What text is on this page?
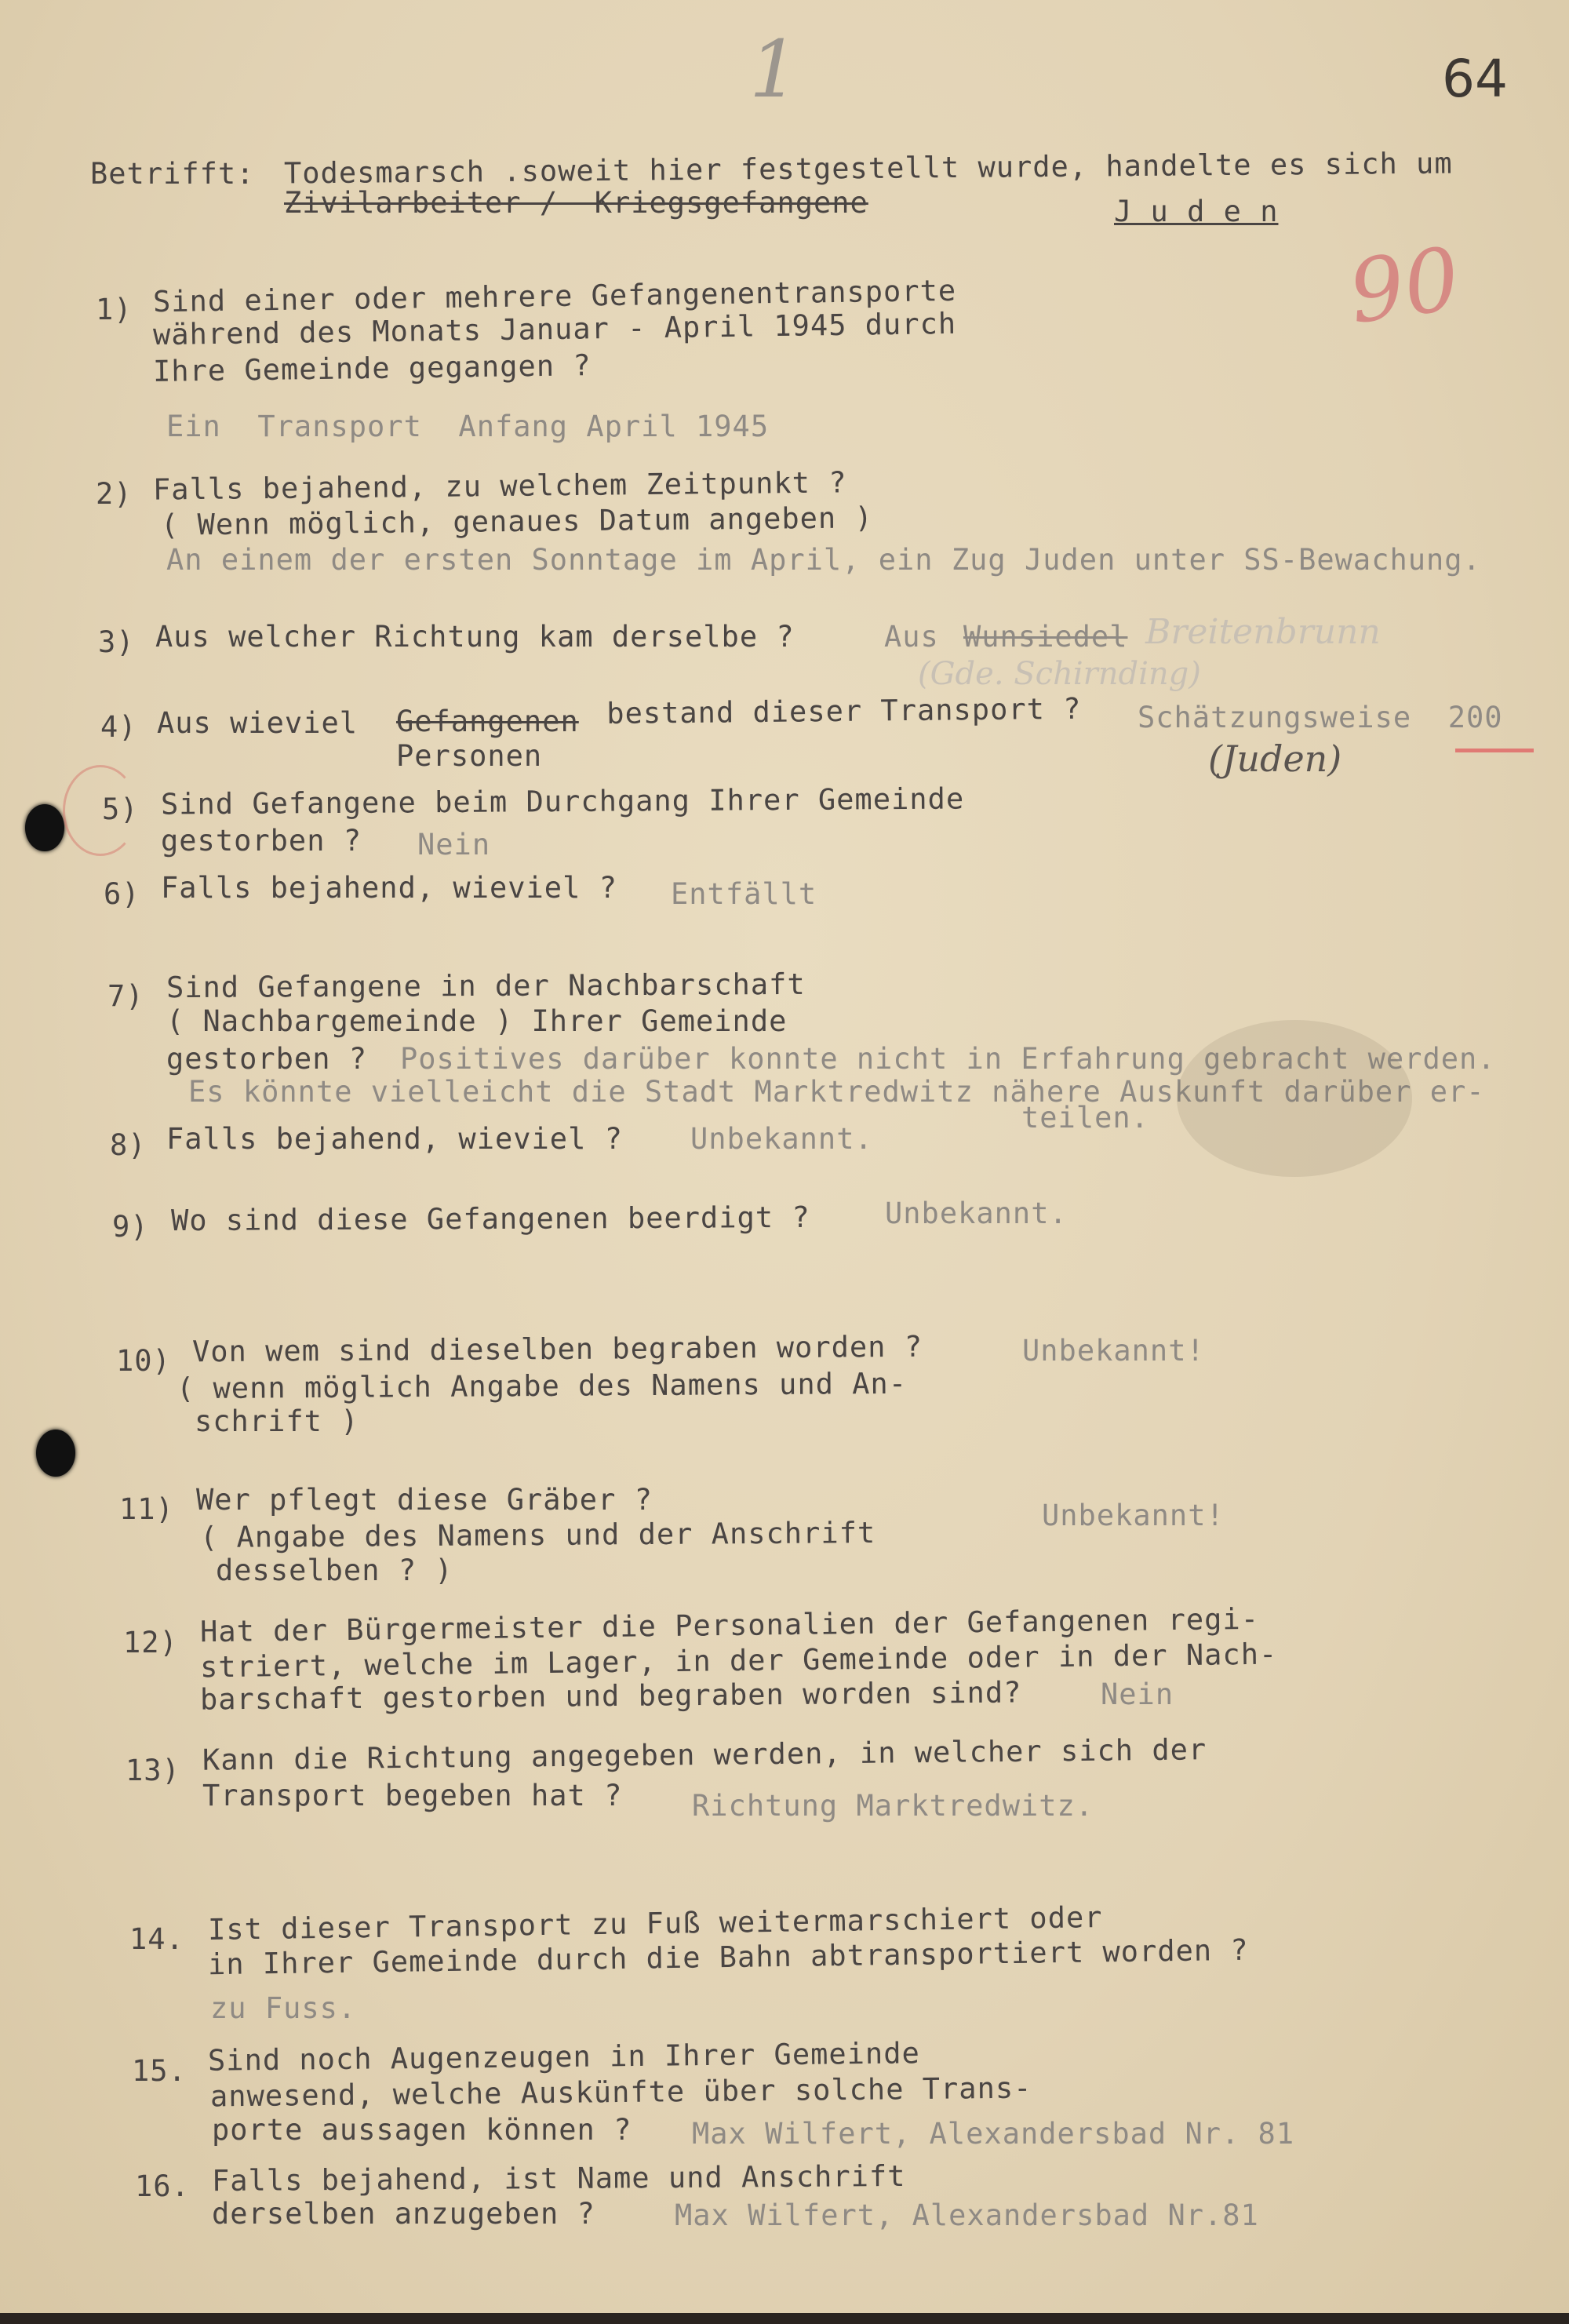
1	64
90
Betrifft: Todesmarsch .soweit hier festgestellt wurde, handelte es sich um
Zivilarbeiter /  Kriegsgefangene	J u d e n
1) Sind einer oder mehrere Gefangenentransporte
während des Monats Januar - April 1945 durch
Ihre Gemeinde gegangen ?
Ein  Transport  Anfang April 1945
2) Falls bejahend, zu welchem Zeitpunkt ?
( Wenn möglich, genaues Datum angeben )
An einem der ersten Sonntage im April, ein Zug Juden unter SS-Bewachung.
3) Aus welcher Richtung kam derselbe ?	Aus Wunsiedel Breitenbrunn
(Gde. Schirnding)
4) Aus wieviel Gefangenen bestand dieser Transport ?
Personen
Schätzungsweise  200
(Juden)
5) Sind Gefangene beim Durchgang Ihrer Gemeinde
gestorben ? Nein
6) Falls bejahend, wieviel ? Entfällt
7) Sind Gefangene in der Nachbarschaft
( Nachbargemeinde ) Ihrer Gemeinde
gestorben ? Positives darüber konnte nicht in Erfahrung gebracht werden.
Es könnte vielleicht die Stadt Marktredwitz nähere Auskunft darüber er-
teilen.
8) Falls bejahend, wieviel ? Unbekannt.
9) Wo sind diese Gefangenen beerdigt ?	Unbekannt.
10) Von wem sind dieselben begraben worden ?
( wenn möglich Angabe des Namens und An-
schrift )
Unbekannt!
11) Wer pflegt diese Gräber ?
( Angabe des Namens und der Anschrift
desselben ? )
Unbekannt!
12) Hat der Bürgermeister die Personalien der Gefangenen regi-
striert, welche im Lager, in der Gemeinde oder in der Nach-
barschaft gestorben und begraben worden sind?	Nein
13) Kann die Richtung angegeben werden, in welcher sich der
Transport begeben hat ? Richtung Marktredwitz.
14. Ist dieser Transport zu Fuß weitermarschiert oder
in Ihrer Gemeinde durch die Bahn abtransportiert worden ?
zu Fuss.
15. Sind noch Augenzeugen in Ihrer Gemeinde
anwesend, welche Auskünfte über solche Trans-
porte aussagen können ? Max Wilfert, Alexandersbad Nr. 81
16. Falls bejahend, ist Name und Anschrift
derselben anzugeben ?	Max Wilfert, Alexandersbad Nr.81
